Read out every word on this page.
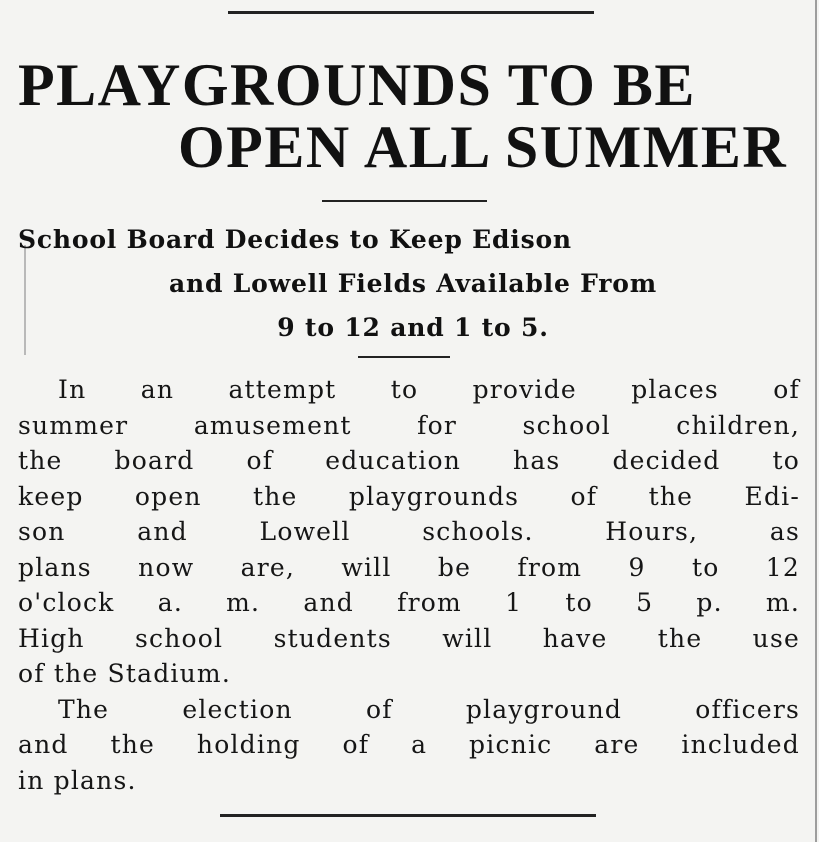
PLAYGROUNDS TO BE
OPEN ALL SUMMER
School Board Decides to Keep Edison
and Lowell Fields Available From
9 to 12 and 1 to 5.
In an attempt to provide places of
summer amusement for school children,
the board of education has decided to
keep open the playgrounds of the Edi-
son and Lowell schools. Hours, as
plans now are, will be from 9 to 12
o'clock a. m. and from 1 to 5 p. m.
High school students will have the use
of the Stadium.
The election of playground officers
and the holding of a picnic are included
in plans.
